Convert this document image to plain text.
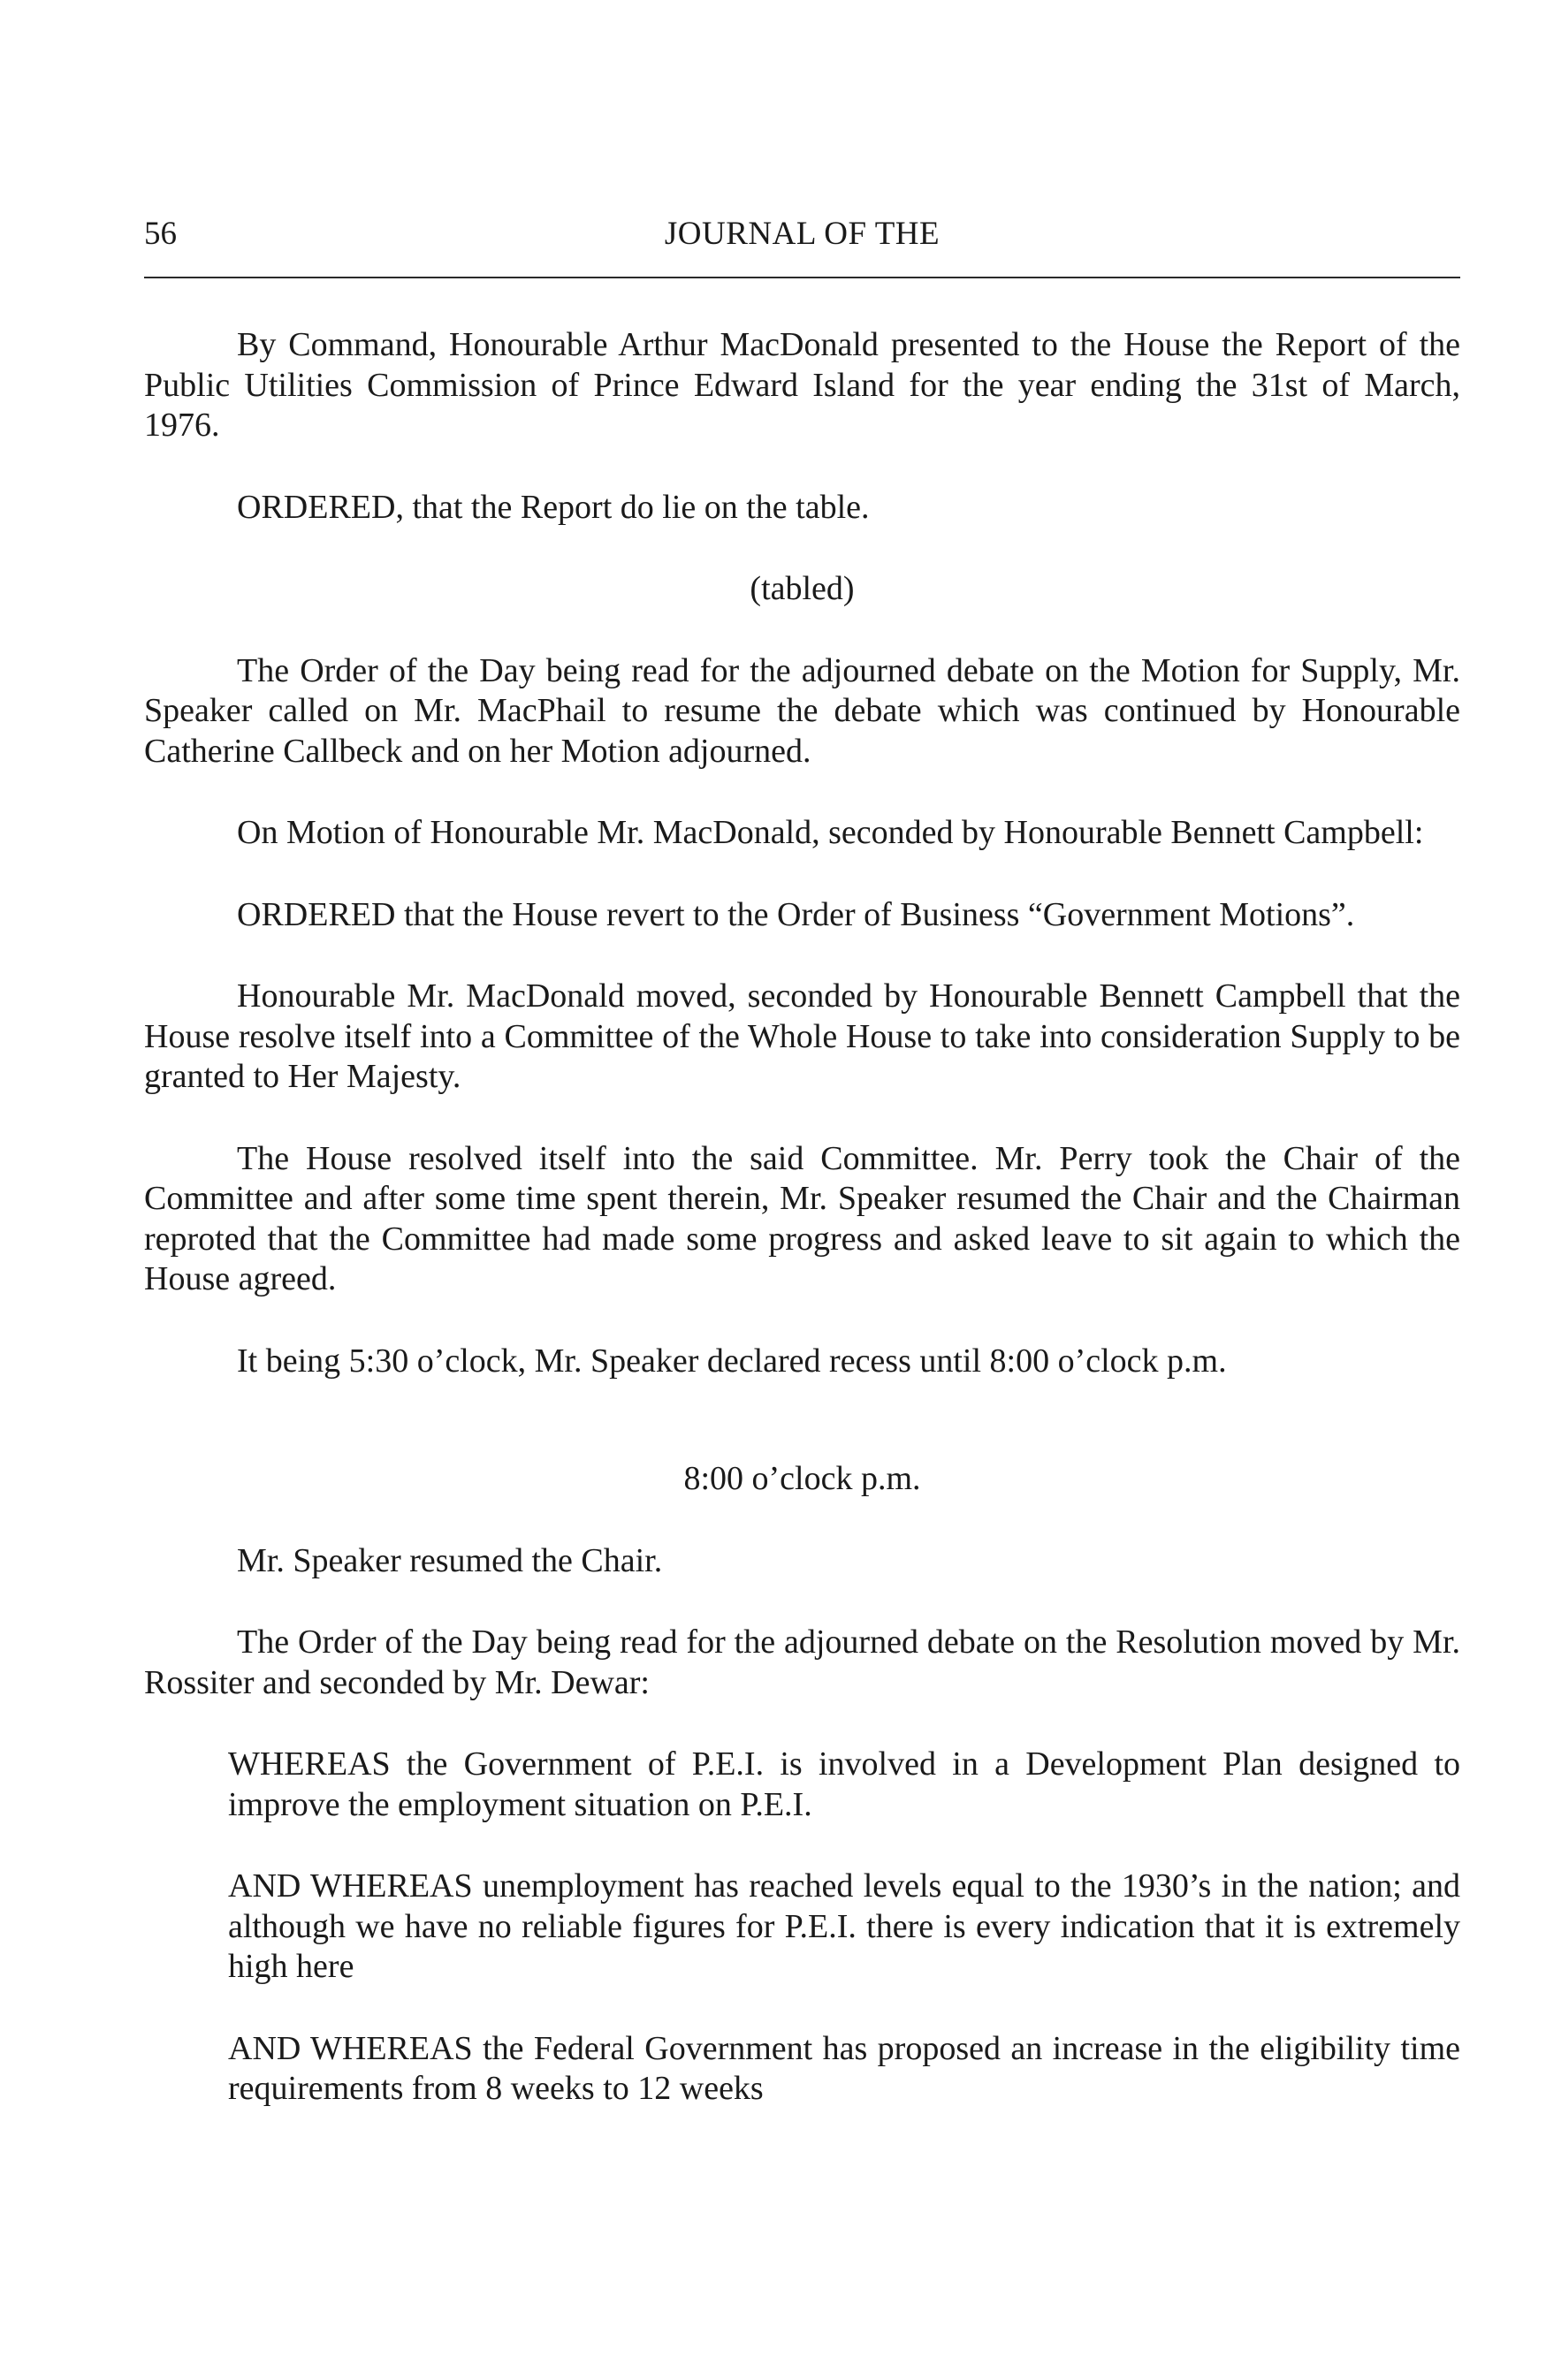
56	JOURNAL OF THE

By Command, Honourable Arthur MacDonald presented to the House the Report of the Public Utilities Commission of Prince Edward Island for the year ending the 31st of March, 1976.

ORDERED, that the Report do lie on the table.

(tabled)

The Order of the Day being read for the adjourned debate on the Motion for Supply, Mr. Speaker called on Mr. MacPhail to resume the debate which was continued by Honourable Catherine Callbeck and on her Motion adjourned.

On Motion of Honourable Mr. MacDonald, seconded by Honourable Bennett Campbell:

ORDERED that the House revert to the Order of Business “Government Motions”.

Honourable Mr. MacDonald moved, seconded by Honourable Bennett Campbell that the House resolve itself into a Committee of the Whole House to take into consideration Supply to be granted to Her Majesty.

The House resolved itself into the said Committee. Mr. Perry took the Chair of the Committee and after some time spent therein, Mr. Speaker resumed the Chair and the Chairman reproted that the Committee had made some progress and asked leave to sit again to which the House agreed.

It being 5:30 o’clock, Mr. Speaker declared recess until 8:00 o’clock p.m.

8:00 o’clock p.m.

Mr. Speaker resumed the Chair.

The Order of the Day being read for the adjourned debate on the Resolution moved by Mr. Rossiter and seconded by Mr. Dewar:

WHEREAS the Government of P.E.I. is involved in a Development Plan designed to improve the employment situation on P.E.I.

AND WHEREAS unemployment has reached levels equal to the 1930’s in the nation; and although we have no reliable figures for P.E.I. there is every indication that it is extremely high here

AND WHEREAS the Federal Government has proposed an increase in the eligibility time requirements from 8 weeks to 12 weeks
